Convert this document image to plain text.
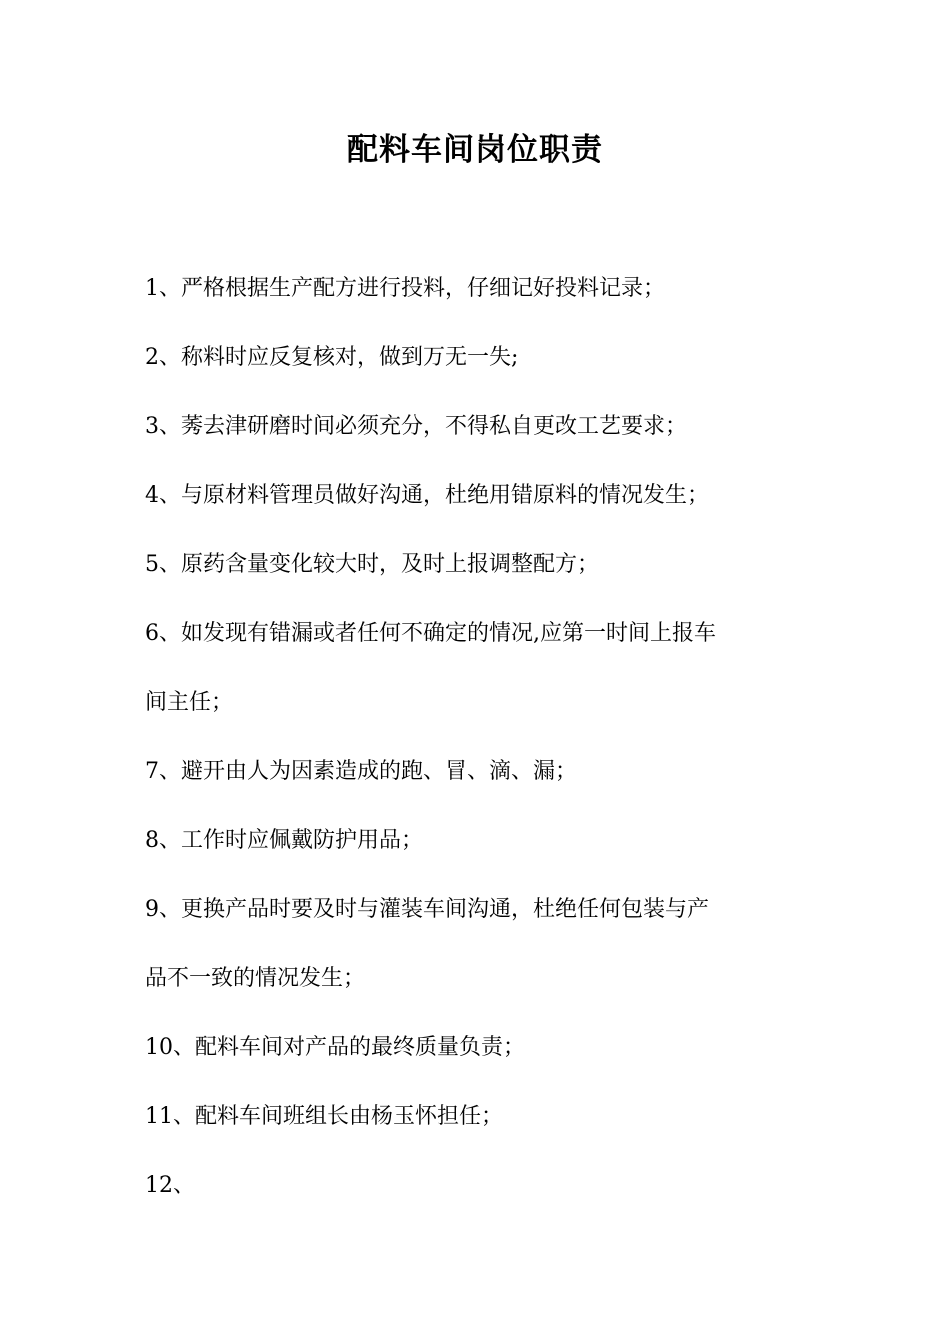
配料车间岗位职责

1、严格根据生产配方进行投料，仔细记好投料记录；

2、称料时应反复核对，做到万无一失;

3、莠去津研磨时间必须充分，不得私自更改工艺要求；

4、与原材料管理员做好沟通，杜绝用错原料的情况发生；

5、原药含量变化较大时，及时上报调整配方；

6、如发现有错漏或者任何不确定的情况,应第一时间上报车
间主任；

7、避开由人为因素造成的跑、冒、滴、漏；

8、工作时应佩戴防护用品；

9、更换产品时要及时与灌装车间沟通，杜绝任何包装与产
品不一致的情况发生；

10、配料车间对产品的最终质量负责；

11、配料车间班组长由杨玉怀担任；

12、
